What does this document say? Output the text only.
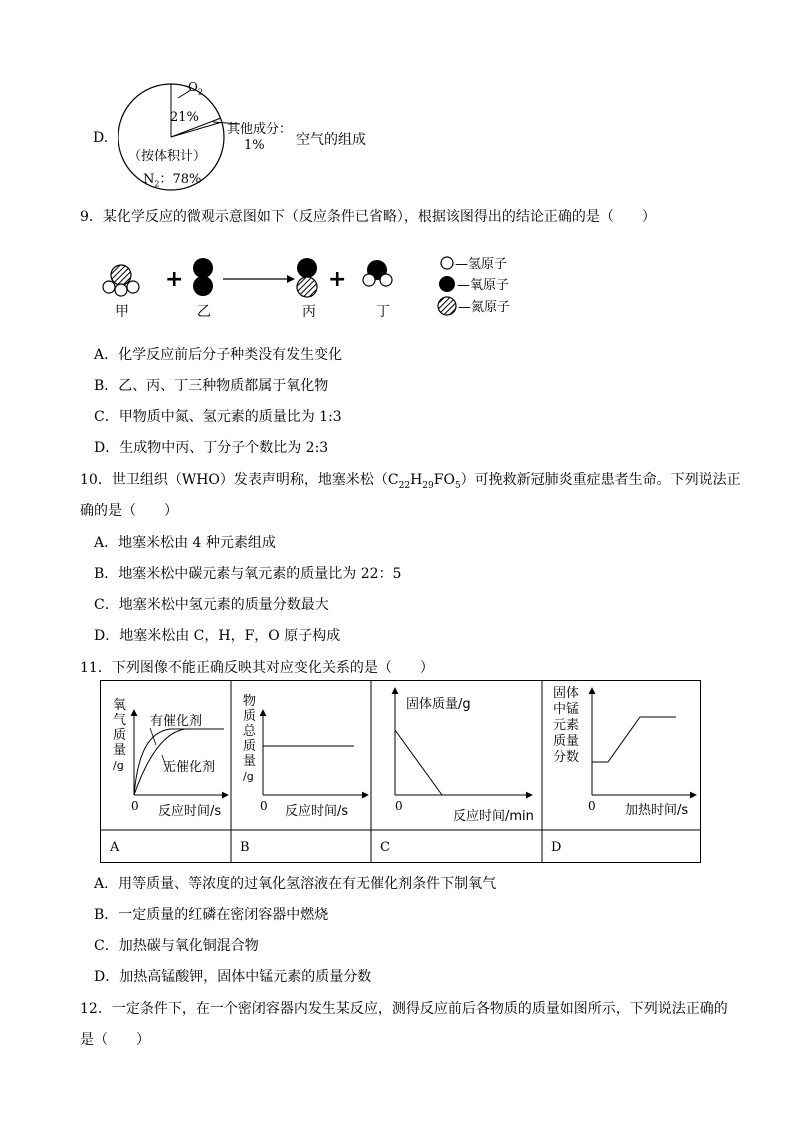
D.
$O_2$
21%
其他成分：
1%
（按体积计）
$N_2$：78%
空气的组成
9．某化学反应的微观示意图如下（反应条件已省略），根据该图得出的结论正确的是（　　）
+	+
甲	乙	丙	丁
—氢原子
—氧原子
—氮原子
A．化学反应前后分子种类没有发生变化
B．乙、丙、丁三种物质都属于氧化物
C．甲物质中氮、氢元素的质量比为 1:3
D．生成物中丙、丁分子个数比为 2:3
10．世卫组织（WHO）发表声明称，地塞米松$(C_{22}H_{29}FO_5)$可挽救新冠肺炎重症患者生命。下列说法正
确的是（　　）
A．地塞米松由 4 种元素组成
B．地塞米松中碳元素与氧元素的质量比为 22：5
C．地塞米松中氢元素的质量分数最大
D．地塞米松由 C，H，F，O 原子构成
11．下列图像不能正确反映其对应变化关系的是（　　）
氧
气
质
量
/g
有催化剂
无催化剂
0 反应时间/s
物
质
总
质
量
/g
0 反应时间/s
固体质量/g
0
反应时间/min
固体
中锰
元素
质量
分数
0 加热时间/s
A	B	C	D
A．用等质量、等浓度的过氧化氢溶液在有无催化剂条件下制氧气
B．一定质量的红磷在密闭容器中燃烧
C．加热碳与氧化铜混合物
D．加热高锰酸钾，固体中锰元素的质量分数
12．一定条件下，在一个密闭容器内发生某反应，测得反应前后各物质的质量如图所示，下列说法正确的
是（　　）
